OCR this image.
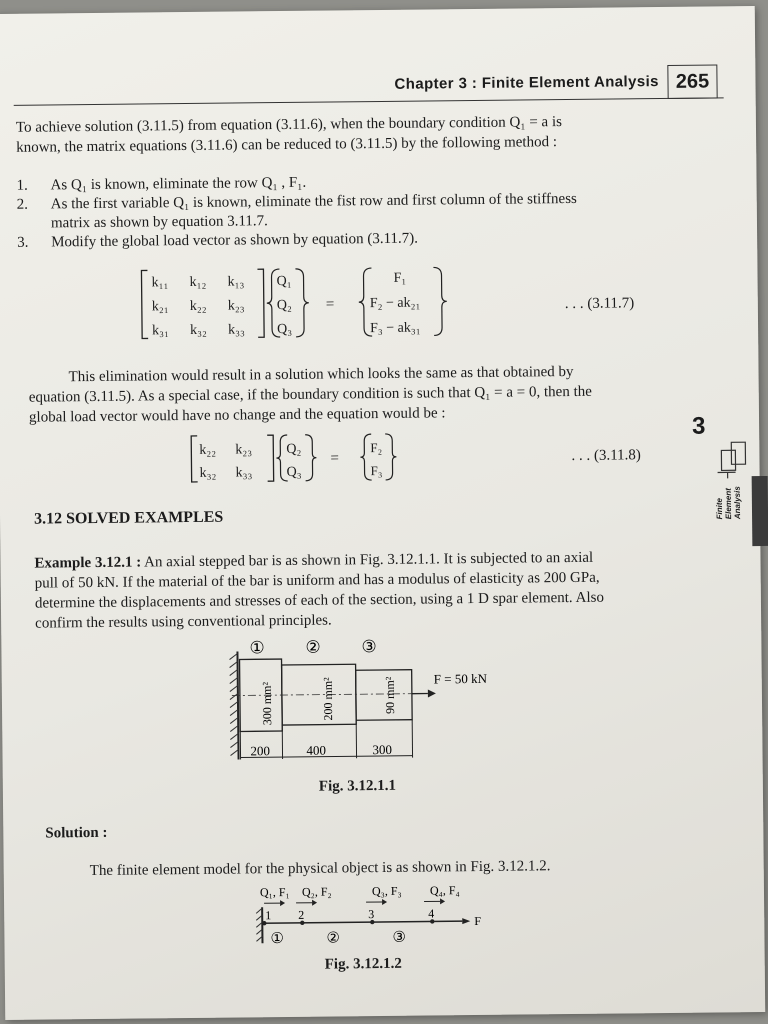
Chapter 3 : Finite Element Analysis 265
To achieve solution (3.11.5) from equation (3.11.6), when the boundary condition Q₁ = a is
known, the matrix equations (3.11.6) can be reduced to (3.11.5) by the following method :
1. As Q₁ is known, eliminate the row Q₁ , F₁.
2. As the first variable Q₁ is known, eliminate the fist row and first column of the stiffness
matrix as shown by equation 3.11.7.
3. Modify the global load vector as shown by equation (3.11.7).
k₁₁ k₁₂ k₁₃
k₂₁ k₂₂ k₂₃
k₃₁ k₃₂ k₃₃
Q₁
Q₂
Q₃
=
F₁
F₂ − ak₂₁
F₃ − ak₃₁
. . . (3.11.7)
This elimination would result in a solution which looks the same as that obtained by
equation (3.11.5). As a special case, if the boundary condition is such that Q₁ = a = 0, then the
global load vector would have no change and the equation would be :
k₂₂ k₂₃
k₃₂ k₃₃
Q₂
Q₃
=
F₂
F₃
. . . (3.11.8)
3
Finite
Element
Analysis
3.12 SOLVED EXAMPLES
Example 3.12.1 : An axial stepped bar is as shown in Fig. 3.12.1.1. It is subjected to an axial
pull of 50 kN. If the material of the bar is uniform and has a modulus of elasticity as 200 GPa,
determine the displacements and stresses of each of the section, using a 1 D spar element. Also
confirm the results using conventional principles.
F = 50 kN
① ② ③
300 mm²	200 mm²	90 mm²
200	400	300
Fig. 3.12.1.1
Solution :
The finite element model for the physical object is as shown in Fig. 3.12.1.2.
Q₁, F₁ Q₂, F₂	Q₃, F₃ Q₄, F₄
F
1 2	3	4
①	②	③
Fig. 3.12.1.2
